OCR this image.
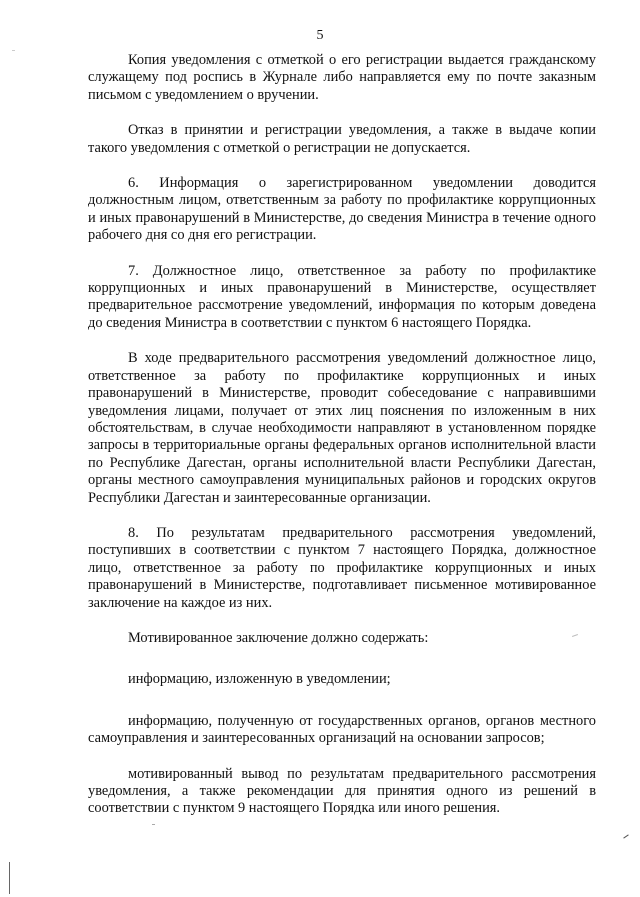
5

Копия уведомления с отметкой о его регистрации выдается гражданскому служащему под роспись в Журнале либо направляется ему по почте заказным письмом с уведомлением о вручении.

Отказ в принятии и регистрации уведомления, а также в выдаче копии такого уведомления с отметкой о регистрации не допускается.

6. Информация о зарегистрированном уведомлении доводится должностным лицом, ответственным за работу по профилактике коррупционных и иных правонарушений в Министерстве, до сведения Министра в течение одного рабочего дня со дня его регистрации.

7. Должностное лицо, ответственное за работу по профилактике коррупционных и иных правонарушений в Министерстве, осуществляет предварительное рассмотрение уведомлений, информация по которым доведена до сведения Министра в соответствии с пунктом 6 настоящего Порядка.

В ходе предварительного рассмотрения уведомлений должностное лицо, ответственное за работу по профилактике коррупционных и иных правонарушений в Министерстве, проводит собеседование с направившими уведомления лицами, получает от этих лиц пояснения по изложенным в них обстоятельствам, в случае необходимости направляют в установленном порядке запросы в территориальные органы федеральных органов исполнительной власти по Республике Дагестан, органы исполнительной власти Республики Дагестан, органы местного самоуправления муниципальных районов и городских округов Республики Дагестан и заинтересованные организации.

8. По результатам предварительного рассмотрения уведомлений, поступивших в соответствии с пунктом 7 настоящего Порядка, должностное лицо, ответственное за работу по профилактике коррупционных и иных правонарушений в Министерстве, подготавливает письменное мотивированное заключение на каждое из них.

Мотивированное заключение должно содержать:

информацию, изложенную в уведомлении;

информацию, полученную от государственных органов, органов местного самоуправления и заинтересованных организаций на основании запросов;

мотивированный вывод по результатам предварительного рассмотрения уведомления, а также рекомендации для принятия одного из решений в соответствии с пунктом 9 настоящего Порядка или иного решения.
